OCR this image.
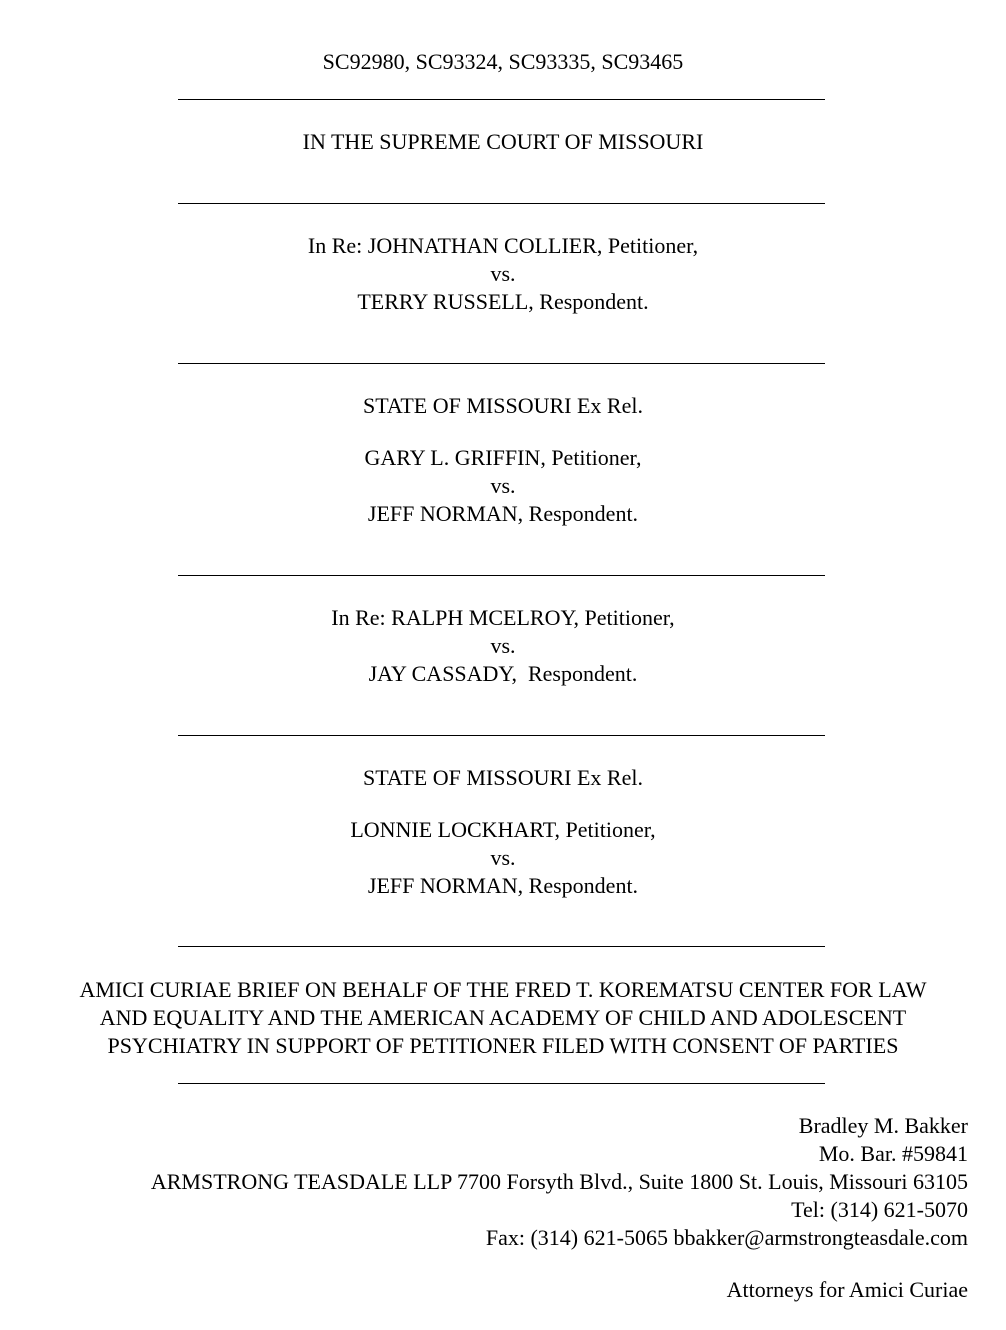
SC92980, SC93324, SC93335, SC93465
IN THE SUPREME COURT OF MISSOURI
In Re: JOHNATHAN COLLIER, Petitioner,
vs.
TERRY RUSSELL, Respondent.
STATE OF MISSOURI Ex Rel.
GARY L. GRIFFIN, Petitioner,
vs.
JEFF NORMAN, Respondent.
In Re: RALPH MCELROY, Petitioner,
vs.
JAY CASSADY,  Respondent.
STATE OF MISSOURI Ex Rel.
LONNIE LOCKHART, Petitioner,
vs.
JEFF NORMAN, Respondent.
AMICI CURIAE BRIEF ON BEHALF OF THE FRED T. KOREMATSU CENTER FOR LAW
AND EQUALITY AND THE AMERICAN ACADEMY OF CHILD AND ADOLESCENT
PSYCHIATRY IN SUPPORT OF PETITIONER FILED WITH CONSENT OF PARTIES
Bradley M. Bakker
Mo. Bar. #59841
ARMSTRONG TEASDALE LLP 7700 Forsyth Blvd., Suite 1800 St. Louis, Missouri 63105
Tel: (314) 621-5070
Fax: (314) 621-5065 bbakker@armstrongteasdale.com
Attorneys for Amici Curiae
